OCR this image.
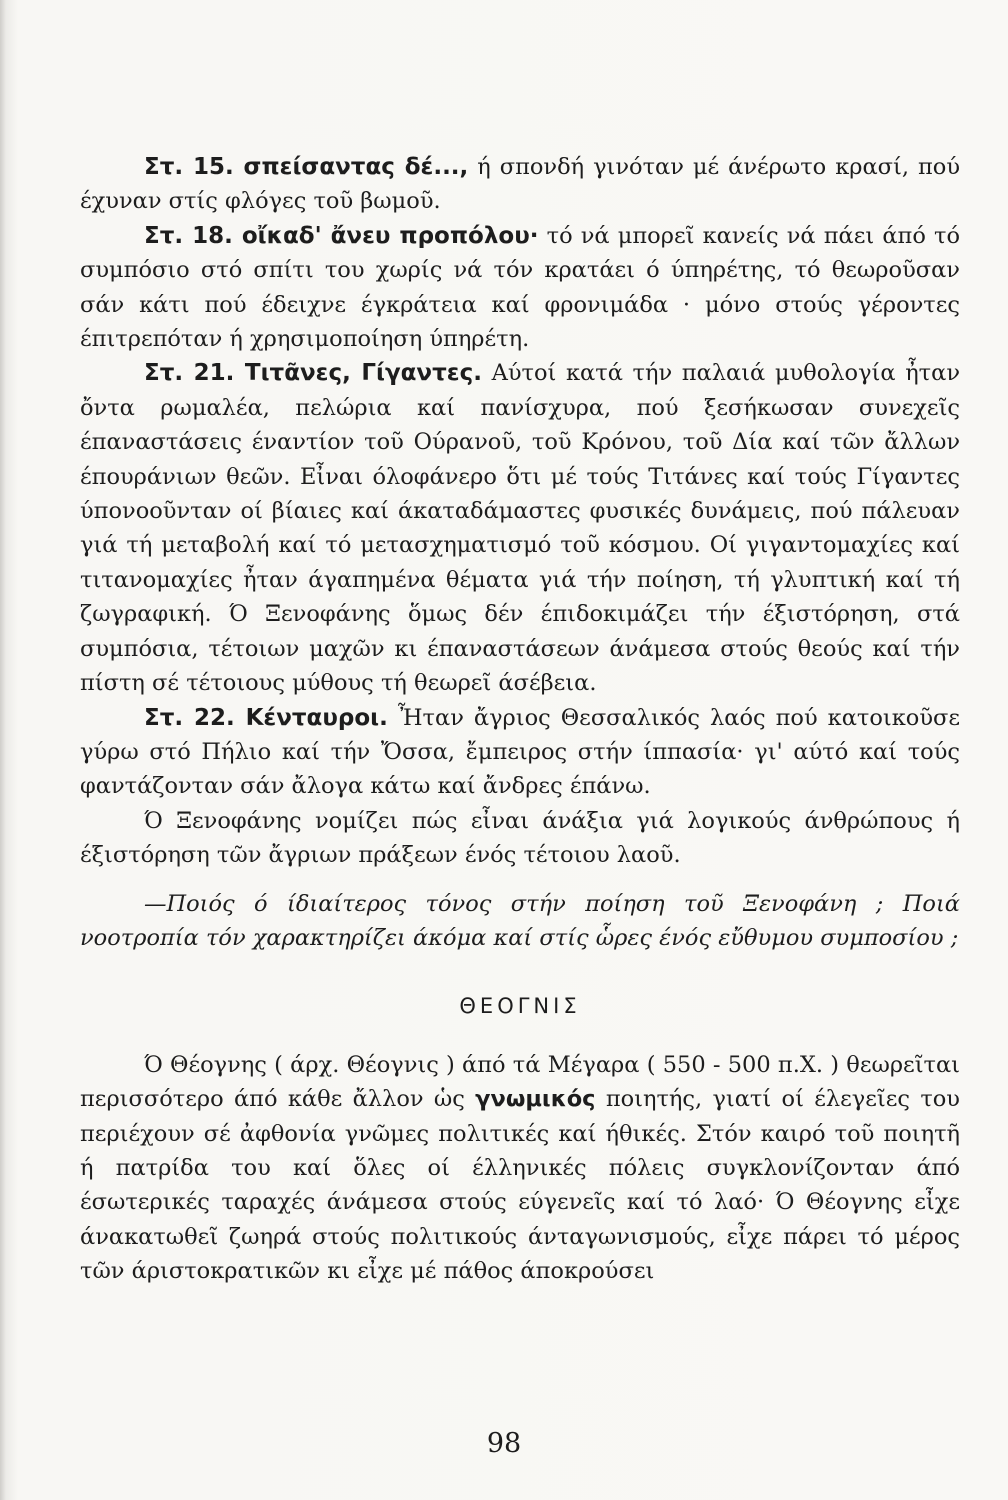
Στ. 15. σπείσαντας δέ..., ή σπονδή γινόταν μέ άνέρωτο κρασί, πού έχυναν στίς φλόγες τοῦ βωμοῦ.

Στ. 18. οἴκαδ' ἄνευ προπόλου· τό νά μπορεῖ κανείς νά πάει άπό τό συμπόσιο στό σπίτι του χωρίς νά τόν κρατάει ό ύπηρέτης, τό θεωροῦσαν σάν κάτι πού έδειχνε έγκράτεια καί φρονιμάδα · μόνο στούς γέροντες έπιτρεπόταν ή χρησιμοποίηση ύπηρέτη.

Στ. 21. Τιτᾶνες, Γίγαντες. Αύτοί κατά τήν παλαιά μυθολογία ἦταν ὄντα ρωμαλέα, πελώρια καί πανίσχυρα, πού ξεσήκωσαν συνεχεῖς έπαναστάσεις έναντίον τοῦ Ούρανοῦ, τοῦ Κρόνου, τοῦ Δία καί τῶν ἄλλων έπουράνιων θεῶν. Εἶναι όλοφάνερο ὅτι μέ τούς Τιτάνες καί τούς Γίγαντες ύπονοοῦνταν οί βίαιες καί άκαταδάμαστες φυσικές δυνάμεις, πού πάλευαν γιά τή μεταβολή καί τό μετασχηματισμό τοῦ κόσμου. Οί γιγαντομαχίες καί τιτανομαχίες ἦταν άγαπημένα θέματα γιά τήν ποίηση, τή γλυπτική καί τή ζωγραφική. Ό Ξενοφάνης ὅμως δέν έπιδοκιμάζει τήν έξιστόρηση, στά συμπόσια, τέτοιων μαχῶν κι έπαναστάσεων άνάμεσα στούς θεούς καί τήν πίστη σέ τέτοιους μύθους τή θεωρεῖ άσέβεια.

Στ. 22. Κένταυροι. Ἦταν ἄγριος Θεσσαλικός λαός πού κατοικοῦσε γύρω στό Πήλιο καί τήν Ὄσσα, ἔμπειρος στήν ίππασία· γι' αύτό καί τούς φαντάζονταν σάν ἄλογα κάτω καί ἄνδρες έπάνω.

Ό Ξενοφάνης νομίζει πώς εἶναι άνάξια γιά λογικούς άνθρώπους ή έξιστόρηση τῶν ἄγριων πράξεων ένός τέτοιου λαοῦ.

—Ποιός ό ίδιαίτερος τόνος στήν ποίηση τοῦ Ξενοφάνη ; Ποιά νοοτροπία τόν χαρακτηρίζει άκόμα καί στίς ὧρες ένός εὔθυμου συμποσίου ;

ΘΕΟΓΝΙΣ

Ό Θέογνης ( άρχ. Θέογνις ) άπό τά Μέγαρα ( 550 - 500 π.Χ. ) θεωρεῖται περισσότερο άπό κάθε ἄλλον ὡς γνωμικός ποιητής, γιατί οί έλεγεῖες του περιέχουν σέ ἀφθονία γνῶμες πολιτικές καί ήθικές. Στόν καιρό τοῦ ποιητῆ ή πατρίδα του καί ὅλες οί έλληνικές πόλεις συγκλονίζονταν άπό έσωτερικές ταραχές άνάμεσα στούς εύγενεῖς καί τό λαό· Ό Θέογνης εἶχε άνακατωθεῖ ζωηρά στούς πολιτικούς άνταγωνισμούς, εἶχε πάρει τό μέρος τῶν άριστοκρατικῶν κι εἶχε μέ πάθος άποκρούσει

98
